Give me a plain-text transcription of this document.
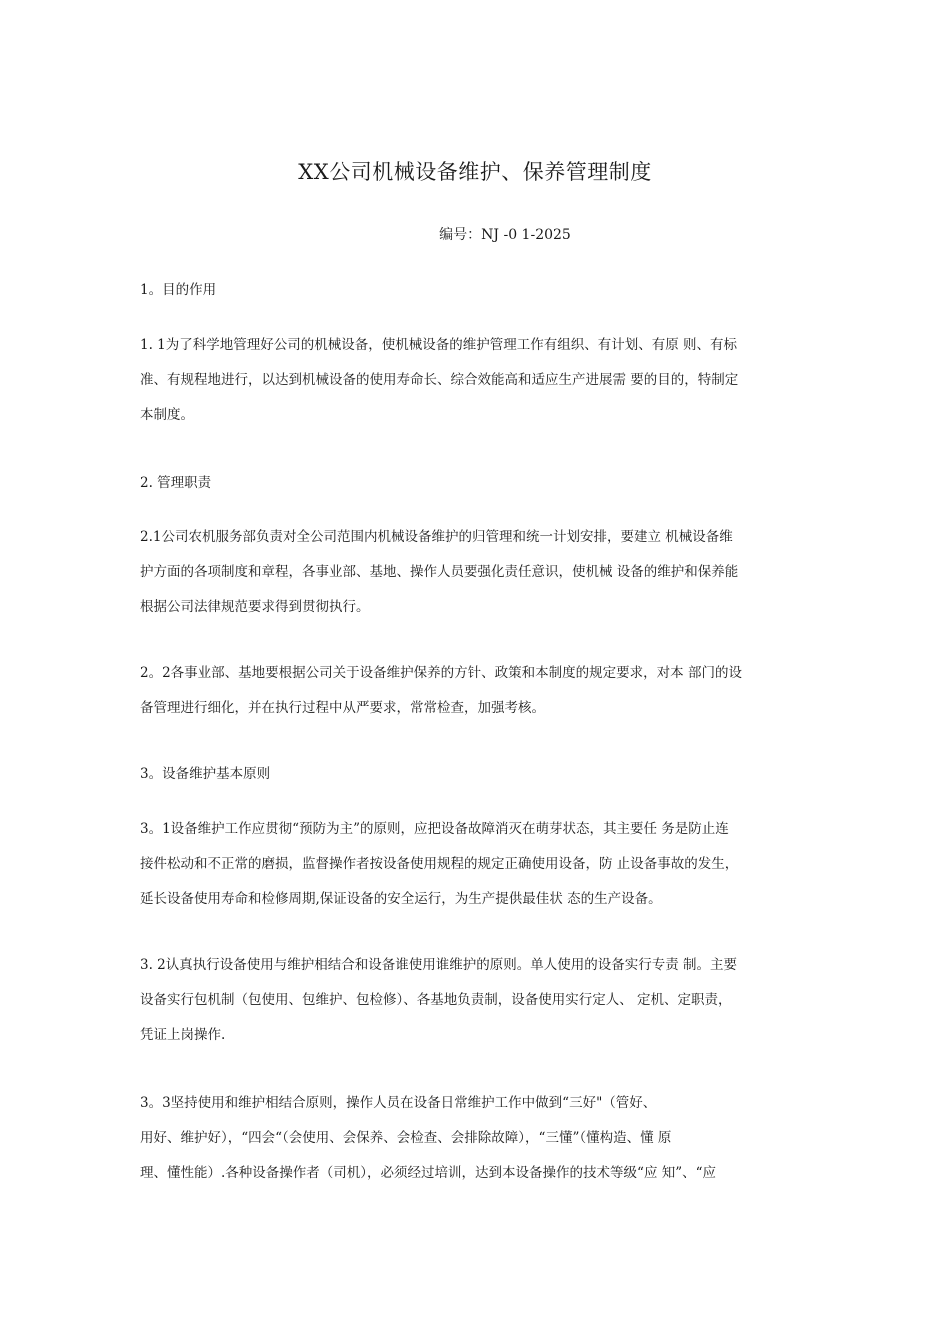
XX公司机械设备维护、保养管理制度
编号：NJ -0 1-2025
1。目的作用

1. 1为了科学地管理好公司的机械设备，使机械设备的维护管理工作有组织、有计划、有原 则、有标

准、有规程地进行，以达到机械设备的使用寿命长、综合效能高和适应生产进展需 要的目的，特制定

本制度。

2. 管理职责

2.1公司农机服务部负责对全公司范围内机械设备维护的归管理和统一计划安排，要建立 机械设备维

护方面的各项制度和章程，各事业部、基地、操作人员要强化责任意识，使机械 设备的维护和保养能

根据公司法律规范要求得到贯彻执行。

2。2各事业部、基地要根据公司关于设备维护保养的方针、政策和本制度的规定要求，对本 部门的设

备管理进行细化，并在执行过程中从严要求，常常检查，加强考核。

3。设备维护基本原则

3。1设备维护工作应贯彻“预防为主”的原则，应把设备故障消灭在萌芽状态，其主要任 务是防止连

接件松动和不正常的磨损，监督操作者按设备使用规程的规定正确使用设备，防 止设备事故的发生，

延长设备使用寿命和检修周期,保证设备的安全运行，为生产提供最佳状 态的生产设备。

3. 2认真执行设备使用与维护相结合和设备谁使用谁维护的原则。单人使用的设备实行专责 制。主要

设备实行包机制（包使用、包维护、包检修）、各基地负责制，设备使用实行定人、 定机、定职责，

凭证上岗操作.

3。3坚持使用和维护相结合原则，操作人员在设备日常维护工作中做到“三好"（管好、

用好、维护好），“四会“（会使用、会保养、会检查、会排除故障），“三懂”（懂构造、懂 原

理、懂性能）.各种设备操作者（司机），必须经过培训，达到本设备操作的技术等级“应 知”、“应
